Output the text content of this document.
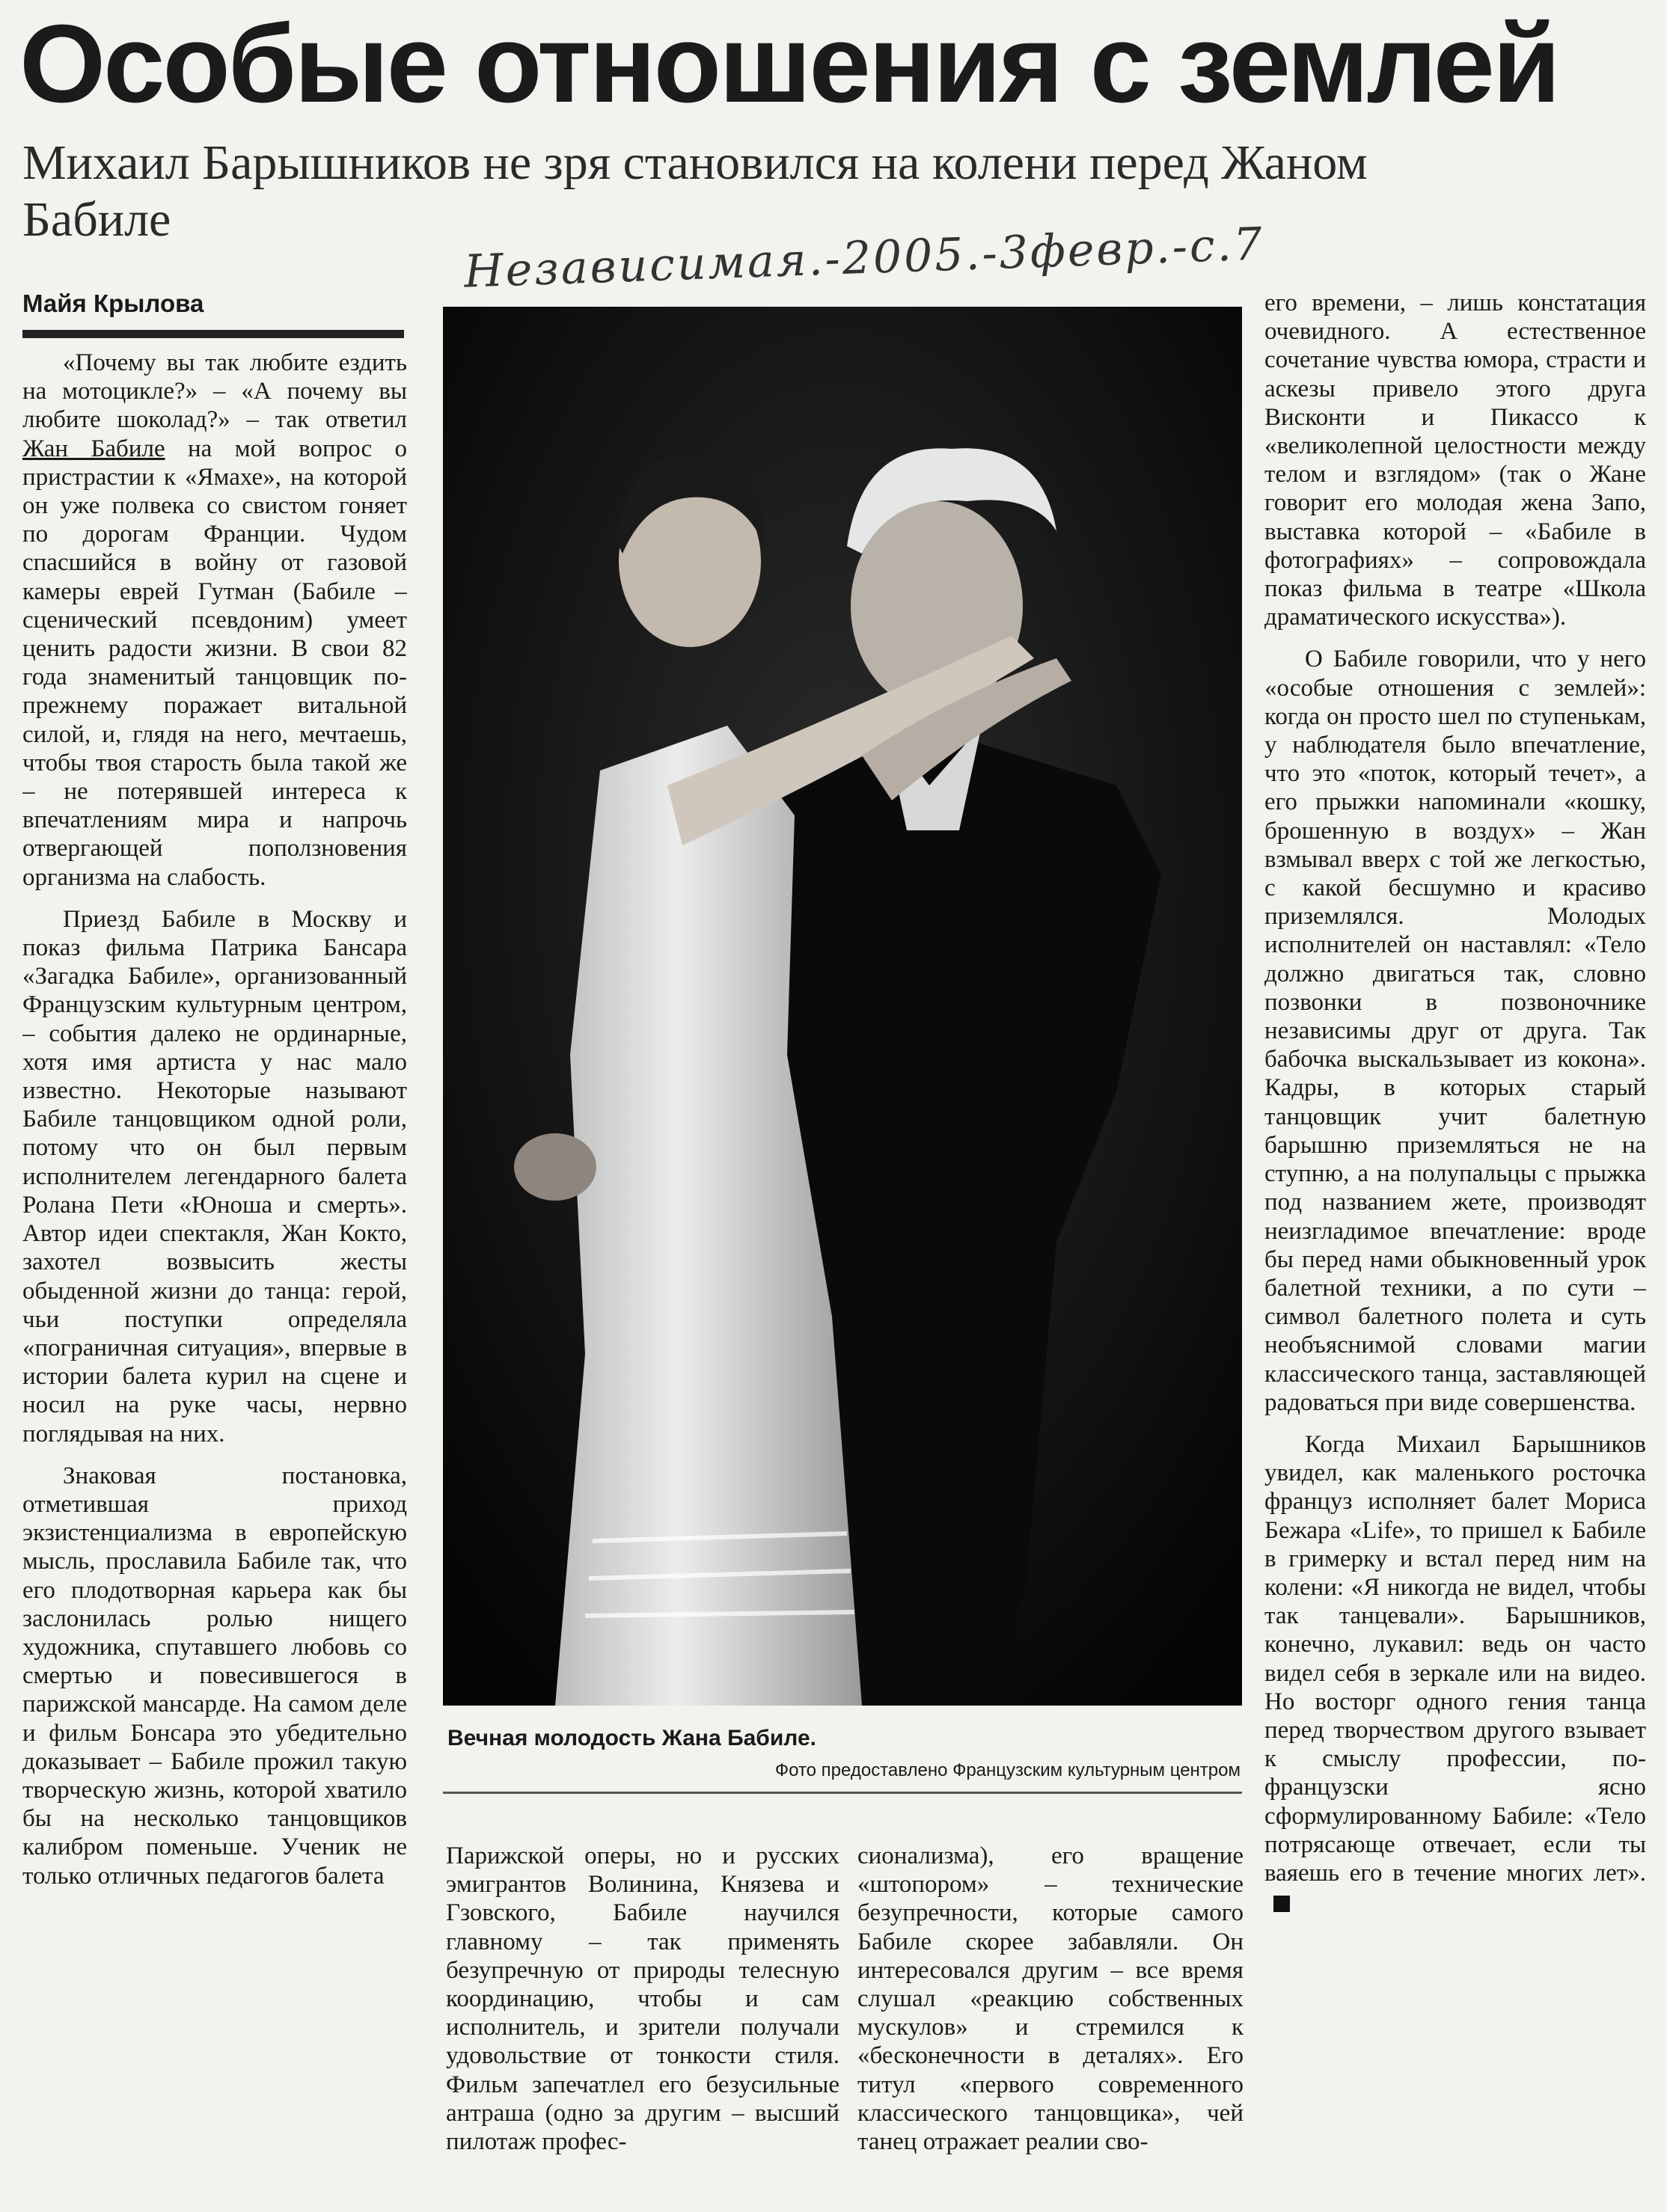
Особые отношения с землей

Михаил Барышников не зря становился на колени перед Жаном Бабиле	Независимая.-2005.-3февр.-с.7
Майя Крылова

«Почему вы так любите ездить на мотоцикле?» – «А почему вы любите шоколад?» – так ответил Жан Бабиле на мой вопрос о пристрастии к «Ямахе», на которой он уже полвека со свистом гоняет по дорогам Франции. Чудом спасшийся в войну от газовой камеры еврей Гутман (Бабиле – сценический псевдоним) умеет ценить радости жизни. В свои 82 года знаменитый танцовщик по-прежнему поражает витальной силой, и, глядя на него, мечтаешь, чтобы твоя старость была такой же – не потерявшей интереса к впечатлениям мира и напрочь отвергающей поползновения организма на слабость.

Приезд Бабиле в Москву и показ фильма Патрика Бансара «Загадка Бабиле», организованный Французским культурным центром, – события далеко не ординарные, хотя имя артиста у нас мало известно. Некоторые называют Бабиле танцовщиком одной роли, потому что он был первым исполнителем легендарного балета Ролана Пети «Юноша и смерть». Автор идеи спектакля, Жан Кокто, захотел возвысить жесты обыденной жизни до танца: герой, чьи поступки определяла «пограничная ситуация», впервые в истории балета курил на сцене и носил на руке часы, нервно поглядывая на них.

Знаковая постановка, отметившая приход экзистенциализма в европейскую мысль, прославила Бабиле так, что его плодотворная карьера как бы заслонилась ролью нищего художника, спутавшего любовь со смертью и повесившегося в парижской мансарде. На самом деле и фильм Бонсара это убедительно доказывает – Бабиле прожил такую творческую жизнь, которой хватило бы на несколько танцовщиков калибром поменьше. Ученик не только отличных педагогов балета

Вечная молодость Жана Бабиле.
Фото предоставлено Французским культурным центром

Парижской оперы, но и русских эмигрантов Волинина, Князева и Гзовского, Бабиле научился главному – так применять безупречную от природы телесную координацию, чтобы и сам исполнитель, и зрители получали удовольствие от тонкости стиля. Фильм запечатлел его безусильные антраша (одно за другим – высший пилотаж профес-

сионализма), его вращение «штопором» – технические безупречности, которые самого Бабиле скорее забавляли. Он интересовался другим – все время слушал «реакцию собственных мускулов» и стремился к «бесконечности в деталях». Его титул «первого современного классического танцовщика», чей танец отражает реалии сво-

его времени, – лишь констатация очевидного. А естественное сочетание чувства юмора, страсти и аскезы привело этого друга Висконти и Пикассо к «великолепной целостности между телом и взглядом» (так о Жане говорит его молодая жена Запо, выставка которой – «Бабиле в фотографиях» – сопровождала показ фильма в театре «Школа драматического искусства»).

О Бабиле говорили, что у него «особые отношения с землей»: когда он просто шел по ступенькам, у наблюдателя было впечатление, что это «поток, который течет», а его прыжки напоминали «кошку, брошенную в воздух» – Жан взмывал вверх с той же легкостью, с какой бесшумно и красиво приземлялся. Молодых исполнителей он наставлял: «Тело должно двигаться так, словно позвонки в позвоночнике независимы друг от друга. Так бабочка выскальзывает из кокона». Кадры, в которых старый танцовщик учит балетную барышню приземляться не на ступню, а на полупальцы с прыжка под названием жете, производят неизгладимое впечатление: вроде бы перед нами обыкновенный урок балетной техники, а по сути – символ балетного полета и суть необъяснимой словами магии классического танца, заставляющей радоваться при виде совершенства.

Когда Михаил Барышников увидел, как маленького росточка француз исполняет балет Мориса Бежара «Life», то пришел к Бабиле в гримерку и встал перед ним на колени: «Я никогда не видел, чтобы так танцевали». Барышников, конечно, лукавил: ведь он часто видел себя в зеркале или на видео. Но восторг одного гения танца перед творчеством другого взывает к смыслу профессии, по-французски ясно сформулированному Бабиле: «Тело потрясающе отвечает, если ты ваяешь его в течение многих лет».
